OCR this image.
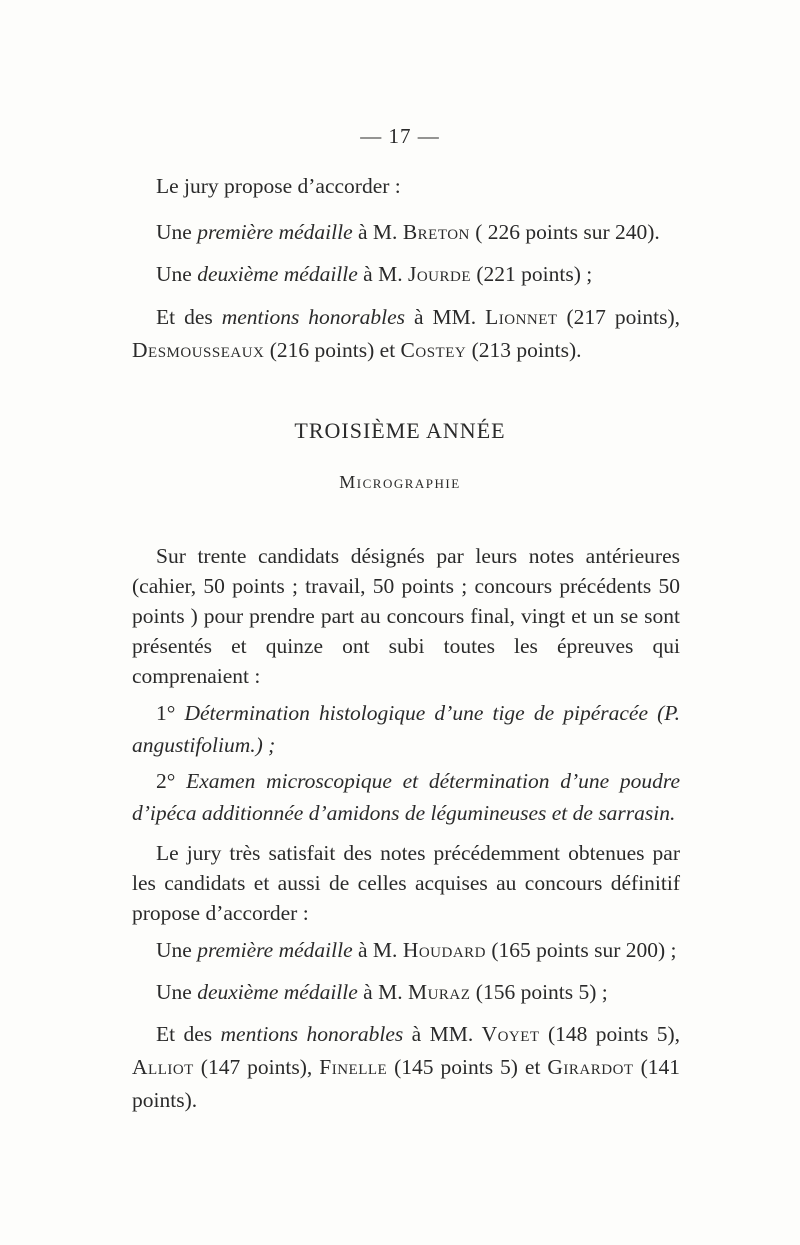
— 17 —
Le jury propose d’accorder :
Une première médaille à M. Breton ( 226 points sur 240).
Une deuxième médaille à M. Jourde (221 points) ;
Et des mentions honorables à MM. Lionnet (217 points), Desmousseaux (216 points) et Costey (213 points).
TROISIÈME ANNÉE
Micrographie
Sur trente candidats désignés par leurs notes antérieures (cahier, 50 points ; travail, 50 points ; concours précédents 50 points ) pour prendre part au concours final, vingt et un se sont présentés et quinze ont subi toutes les épreuves qui comprenaient :
1° Détermination histologique d’une tige de pipéracée (P. angustifolium.) ;
2° Examen microscopique et détermination d’une poudre d’ipéca additionnée d’amidons de légumineuses et de sarrasin.
Le jury très satisfait des notes précédemment obtenues par les candidats et aussi de celles acquises au concours définitif propose d’accorder :
Une première médaille à M. Houdard (165 points sur 200) ;
Une deuxième médaille à M. Muraz (156 points 5) ;
Et des mentions honorables à MM. Voyet (148 points 5), Alliot (147 points), Finelle (145 points 5) et Girardot (141 points).
